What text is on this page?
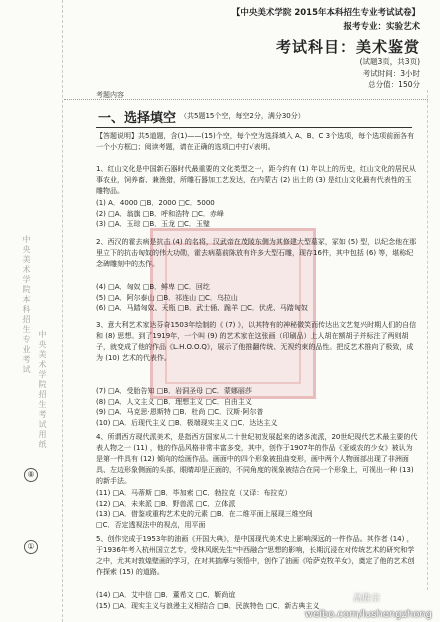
中央美术学院本科招生专业考试
中央美术学院招生考试用纸
⑧
①
【中央美术学院 2015年本科招生专业考试试卷】
报考专业：实验艺术
考试科目：美术鉴赏
(试题3页，共3页)
考试时间：3小时
总分值：150分
考题内容
一、选择填空 （共5题15个空，每空2分，满分30分）
【答题说明】共5道题，含(1)——(15)个空，每个空为选择填入 A、B、C 3个选项，每个选项前面各有一个小方框□；阅读考题，请在正确的选项□中打√表明。
1、红山文化是中国新石器时代最重要的文化类型之一，距今约有 (1) 年以上的历史，红山文化的居民从事农业，饲养畜、兼渔猎，所雕石器加工艺发达，在内蒙古 (2) 出土的 (3) 是红山文化最有代表性的玉雕物品。
(1) A．4000 □B．2000 □C．5000
(2) □A．翁旗 □B．呼和浩特 □C．赤峰
(3) □A．玉琮 □B．玉龙 □C．玉璧
2、西汉的霍去病是抗击 (4) 的名将，汉武帝在茂陵东侧为其修建大型墓冢，冢如 (5) 型，以纪念他在那里立下的抗击匈奴的伟大功勋，霍去病墓前陈放有许多大型石雕，现存16件，其中包括 (6) 等，堪称纪念碑雕刻中的杰作。
(4) □A．匈奴 □B．鲜卑 □C．回纥
(5) □A．阿尔泰山 □B．祁连山 □C．乌拉山
(6) □A．马踏匈奴、天瓶 □B．武士俑、跪羊 □C．伏虎、马踏匈奴
3、意大利艺术家达芬奇1503年绘制的《 (7) 》，以其特有的神秘微笑而传达出文艺复兴时期人们的自信和 (8) 思想。到了1919年，一个叫 (9) 的艺术家在这张画（印刷品）上人胡在额胡子并标注了两则胡子，就变成了他的作品《L.H.O.O.Q》，展示了他推翻传统、无视约束的品性。把反艺术推向了极致，成为 (10) 艺术的代表作。
(7) □A．受胎告知 □B．岩洞圣母 □C．蒙娜丽莎
(8) □A．人文主义 □B．理想主义 □C．自由主义
(9) □A．马克思·恩斯特 □B．杜尚 □C．汉斯·阿尔普
(10) □A．后现代主义 □B．极端现实主义 □C．达达主义
4、所谓西方现代派美术，是指西方国家从二十世纪初发展起来的诸多流派，20世纪现代艺术最主要的代表人物之一 (11) ，他的作品风格非常丰富多变，其中，创作于1907年的作品《亚威农的少女》被认为是第一件具有 (12) 倾向的绘画作品。画面中的四个形象被扭曲变形，画中两个人物面部出现了非洲面具、左边形象侧面的头部，眼睛却是正面的，不同角度的视象被结合在同一个形象上，可视出一种 (13) 的新手法。
(11) □A．马蒂斯 □B．毕加索 □C．勃拉克（又译：布拉克）
(12) □A．未来派 □B．野兽派 □C．立体派
(13) □A．借鉴或重构艺术史的元素 □B．在二维平面上展现三维空间
□C．否定透视法中的视点，用平面
5、创作完成于1953年的油画《开国大典》，是中国现代美术史上影响深远的一件作品。其作者 (14) ，于1936年考入杭州国立艺专，受林风眠先生"中西融合"思想的影响，长期沉浸在对传统艺术的研究和学之中，尤其对敦煌壁画的学习，在对其揣摩与领悟中，创作了油画《哈萨克牧羊女》，奠定了他的艺术创作探索 (15) 的道路。
(14) □A．艾中信 □B．董希文 □C．靳尚谊
(15) □A．现实主义与浪漫主义相结合 □B．民族特色 □C．新古典主义
高胜宗
weibo.com/lushengzhong
